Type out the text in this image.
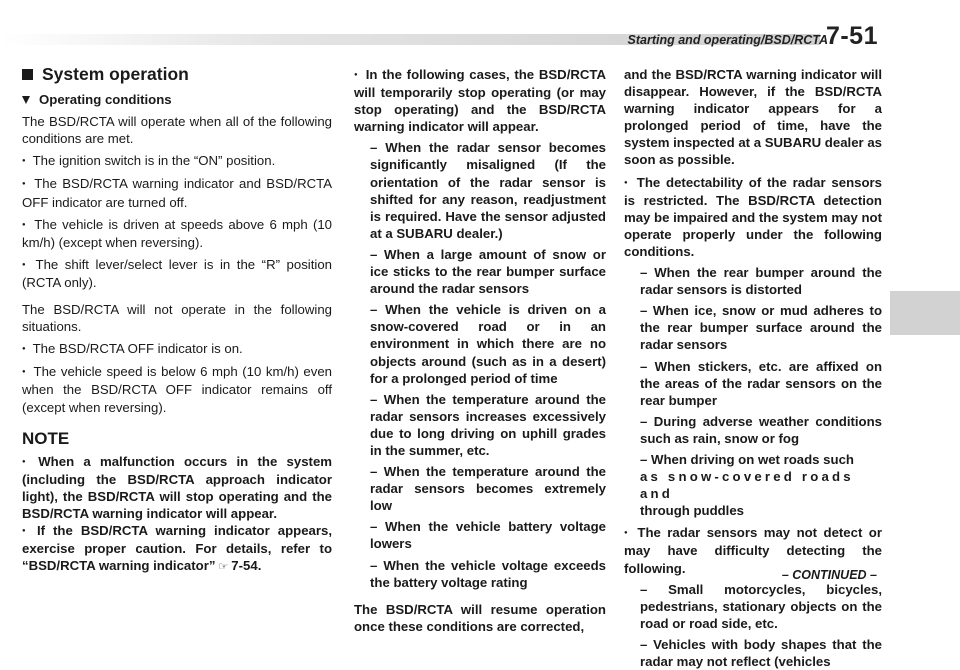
Starting and operating/BSD/RCTA
7-51

System operation

Operating conditions

The BSD/RCTA will operate when all of the following conditions are met.

● The ignition switch is in the “ON” position.

● The BSD/RCTA warning indicator and BSD/RCTA OFF indicator are turned off.

● The vehicle is driven at speeds above 6 mph (10 km/h) (except when reversing).

● The shift lever/select lever is in the “R” position (RCTA only).

The BSD/RCTA will not operate in the following situations.

● The BSD/RCTA OFF indicator is on.

● The vehicle speed is below 6 mph (10 km/h) even when the BSD/RCTA OFF indicator remains off (except when reversing).

NOTE

● When a malfunction occurs in the system (including the BSD/RCTA approach indicator light), the BSD/RCTA will stop operating and the BSD/RCTA warning indicator will appear.

● If the BSD/RCTA warning indicator appears, exercise proper caution. For details, refer to “BSD/RCTA warning indicator” ☞ 7-54.

● In the following cases, the BSD/RCTA will temporarily stop operating (or may stop operating) and the BSD/RCTA warning indicator will appear.

– When the radar sensor becomes significantly misaligned (If the orientation of the radar sensor is shifted for any reason, readjustment is required. Have the sensor adjusted at a SUBARU dealer.)

– When a large amount of snow or ice sticks to the rear bumper surface around the radar sensors

– When the vehicle is driven on a snow-covered road or in an environment in which there are no objects around (such as in a desert) for a prolonged period of time

– When the temperature around the radar sensors increases excessively due to long driving on uphill grades in the summer, etc.

– When the temperature around the radar sensors becomes extremely low

– When the vehicle battery voltage lowers

– When the vehicle voltage exceeds the battery voltage rating

The BSD/RCTA will resume operation once these conditions are corrected,

and the BSD/RCTA warning indicator will disappear. However, if the BSD/RCTA warning indicator appears for a prolonged period of time, have the system inspected at a SUBARU dealer as soon as possible.

● The detectability of the radar sensors is restricted. The BSD/RCTA detection may be impaired and the system may not operate properly under the following conditions.

– When the rear bumper around the radar sensors is distorted

– When ice, snow or mud adheres to the rear bumper surface around the radar sensors

– When stickers, etc. are affixed on the areas of the radar sensors on the rear bumper

– During adverse weather conditions such as rain, snow or fog

– When driving on wet roads such
as snow-covered roads and
through puddles

● The radar sensors may not detect or may have difficulty detecting the following.

– Small motorcycles, bicycles, pedestrians, stationary objects on the road or road side, etc.

– Vehicles with body shapes that the radar may not reflect (vehicles

– CONTINUED –
